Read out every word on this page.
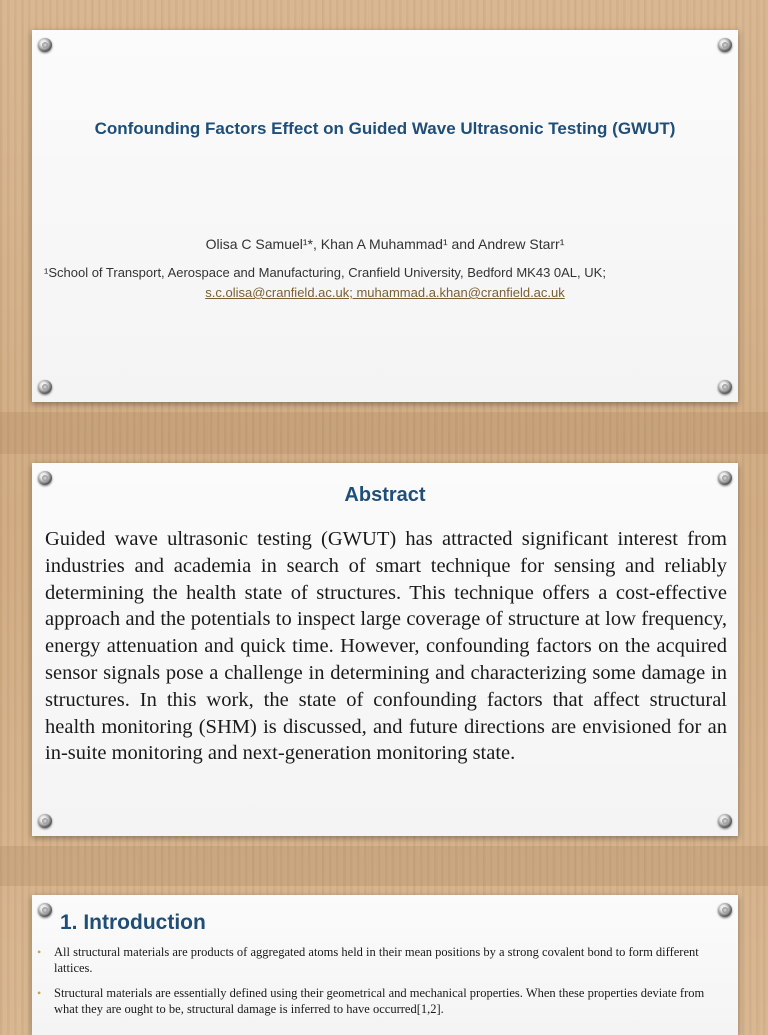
Confounding Factors Effect on Guided Wave Ultrasonic Testing (GWUT)
Olisa C Samuel¹*, Khan A Muhammad¹ and Andrew Starr¹
¹School of Transport, Aerospace and Manufacturing, Cranfield University, Bedford MK43 0AL, UK;
s.c.olisa@cranfield.ac.uk; muhammad.a.khan@cranfield.ac.uk
Abstract
Guided wave ultrasonic testing (GWUT) has attracted significant interest from industries and academia in search of smart technique for sensing and reliably determining the health state of structures. This technique offers a cost-effective approach and the potentials to inspect large coverage of structure at low frequency, energy attenuation and quick time. However, confounding factors on the acquired sensor signals pose a challenge in determining and characterizing some damage in structures. In this work, the state of confounding factors that affect structural health monitoring (SHM) is discussed, and future directions are envisioned for an in-suite monitoring and next-generation monitoring state.
1. Introduction
• All structural materials are products of aggregated atoms held in their mean positions by a strong covalent bond to form different lattices.
• Structural materials are essentially defined using their geometrical and mechanical properties. When these properties deviate from what they are ought to be, structural damage is inferred to have occurred[1,2].
